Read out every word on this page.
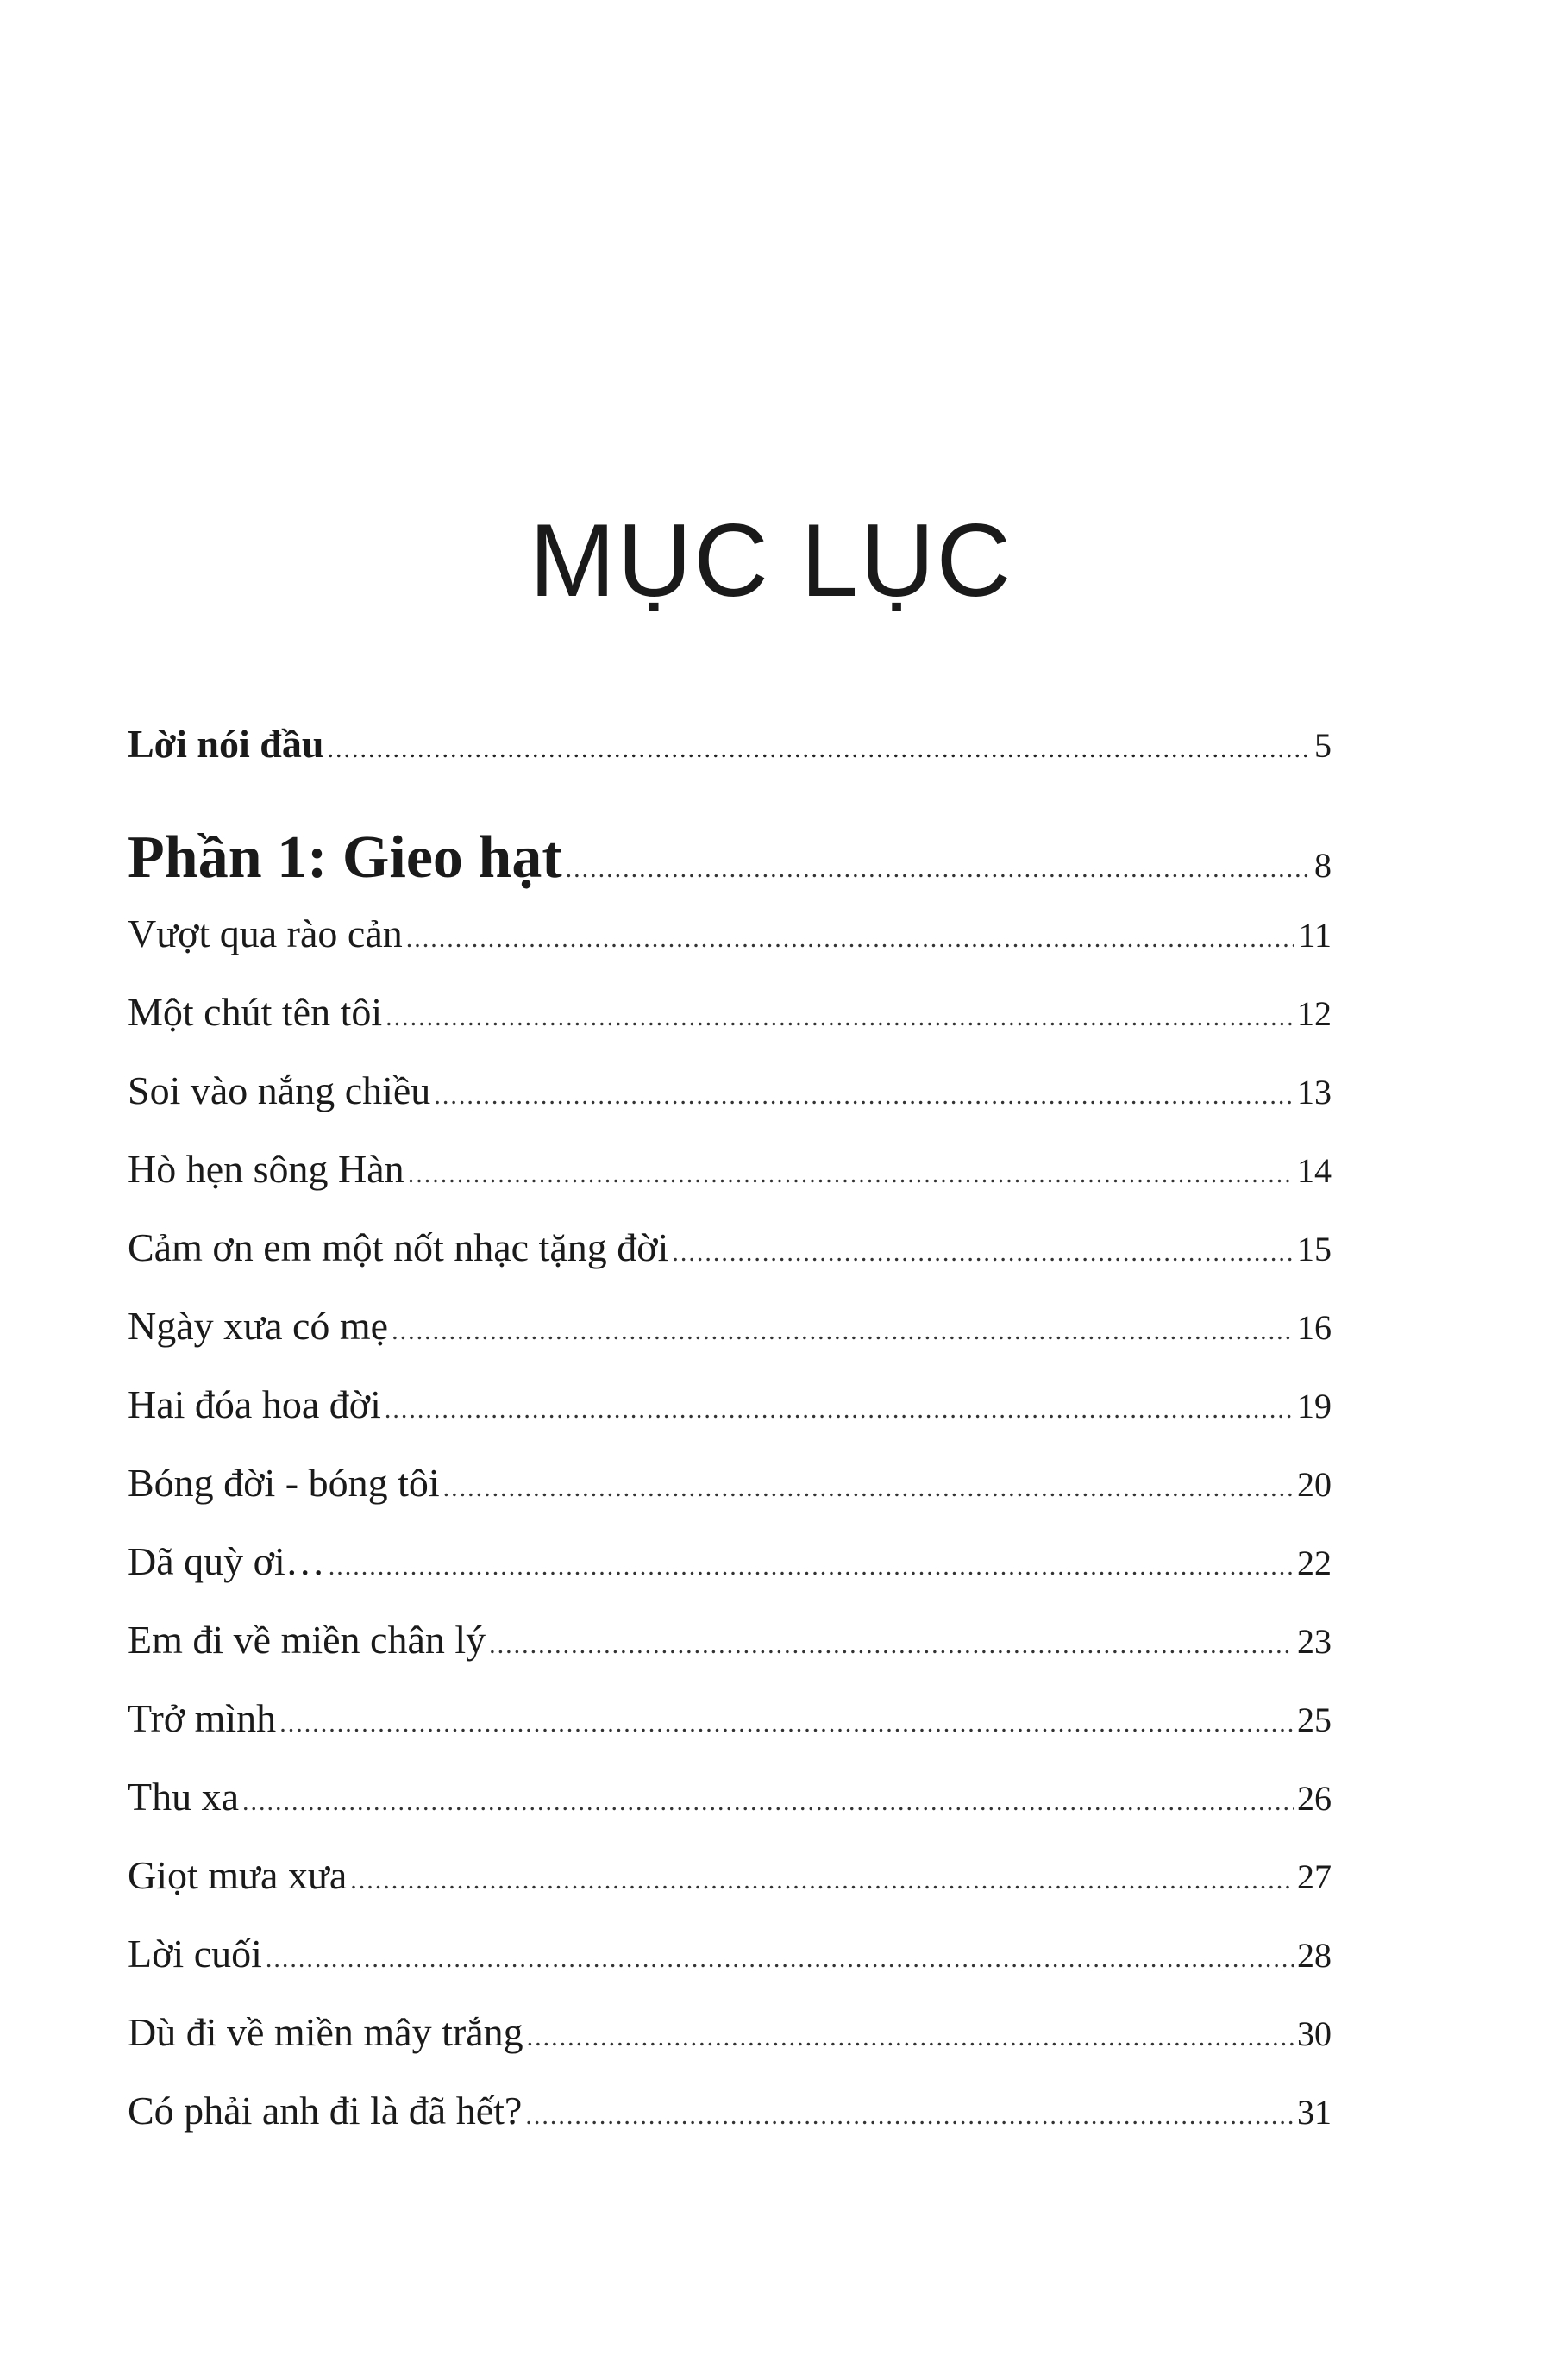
MỤC LỤC
Lời nói đầu .....	5
Phần 1: Gieo hạt .....	8
Vượt qua rào cản .....	11
Một chút tên tôi .....	12
Soi vào nắng chiều .....	13
Hò hẹn sông Hàn .....	14
Cảm ơn em một nốt nhạc tặng đời .....	15
Ngày xưa có mẹ .....	16
Hai đóa hoa đời .....	19
Bóng đời - bóng tôi .....	20
Dã quỳ ơi… .....	22
Em đi về miền chân lý .....	23
Trở mình .....	25
Thu xa .....	26
Giọt mưa xưa .....	27
Lời cuối .....	28
Dù đi về miền mây trắng .....	30
Có phải anh đi là đã hết? .....	31
